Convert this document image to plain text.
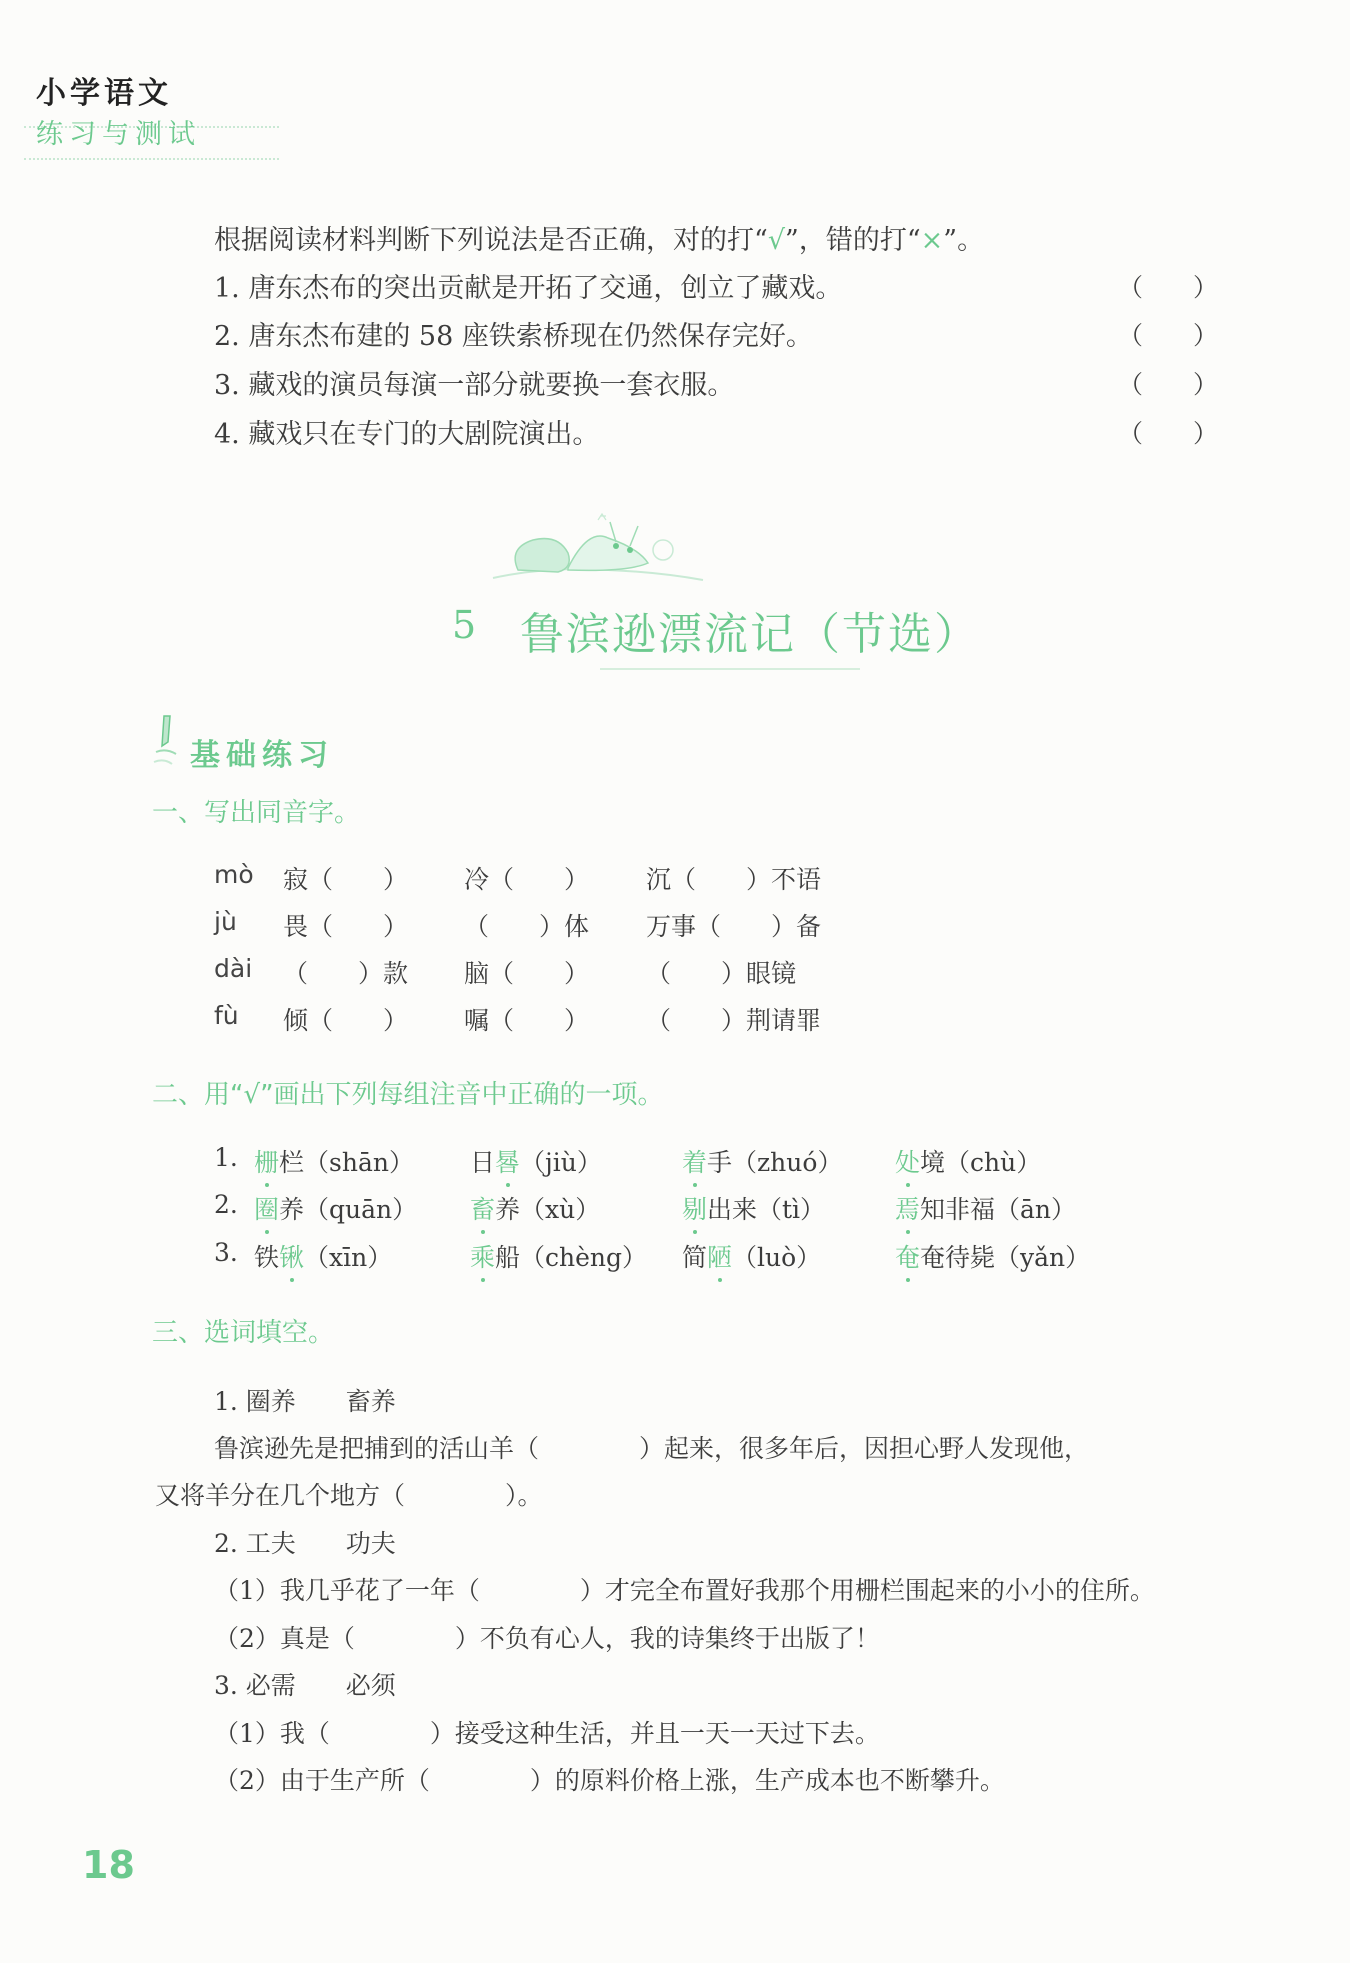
小学语文
练习与测试
根据阅读材料判断下列说法是否正确，对的打“√”，错的打“×”。
1. 唐东杰布的突出贡献是开拓了交通，创立了藏戏。	（　　）
2. 唐东杰布建的 58 座铁索桥现在仍然保存完好。	（　　）
3. 藏戏的演员每演一部分就要换一套衣服。	（　　）
4. 藏戏只在专门的大剧院演出。	（　　）
5 鲁滨逊漂流记（节选）
基础练习
一、写出同音字。
mò 寂（　　） 冷（　　） 沉（　　）不语
jù 畏（　　） （　　）体 万事（　　）备
dài （　　）款 脑（　　） （　　）眼镜
fù 倾（　　） 嘱（　　） （　　）荆请罪
二、用“√”画出下列每组注音中正确的一项。
1. 栅栏（shān） 日晷（jiù）	着手（zhuó） 处境（chù）
2. 圈养（quān） 畜养（xù）	剔出来（tì）	焉知非福（ān）
3. 铁锹（xīn）	乘船（chèng） 简陋（luò）	奄奄待毙（yǎn）
三、选词填空。
1. 圈养　　畜养
鲁滨逊先是把捕到的活山羊（　　　　）起来，很多年后，因担心野人发现他，
又将羊分在几个地方（　　　　）。
2. 工夫　　功夫
（1）我几乎花了一年（　　　　）才完全布置好我那个用栅栏围起来的小小的住所。
（2）真是（　　　　）不负有心人，我的诗集终于出版了！
3. 必需　　必须
（1）我（　　　　）接受这种生活，并且一天一天过下去。
（2）由于生产所（　　　　）的原料价格上涨，生产成本也不断攀升。
18
